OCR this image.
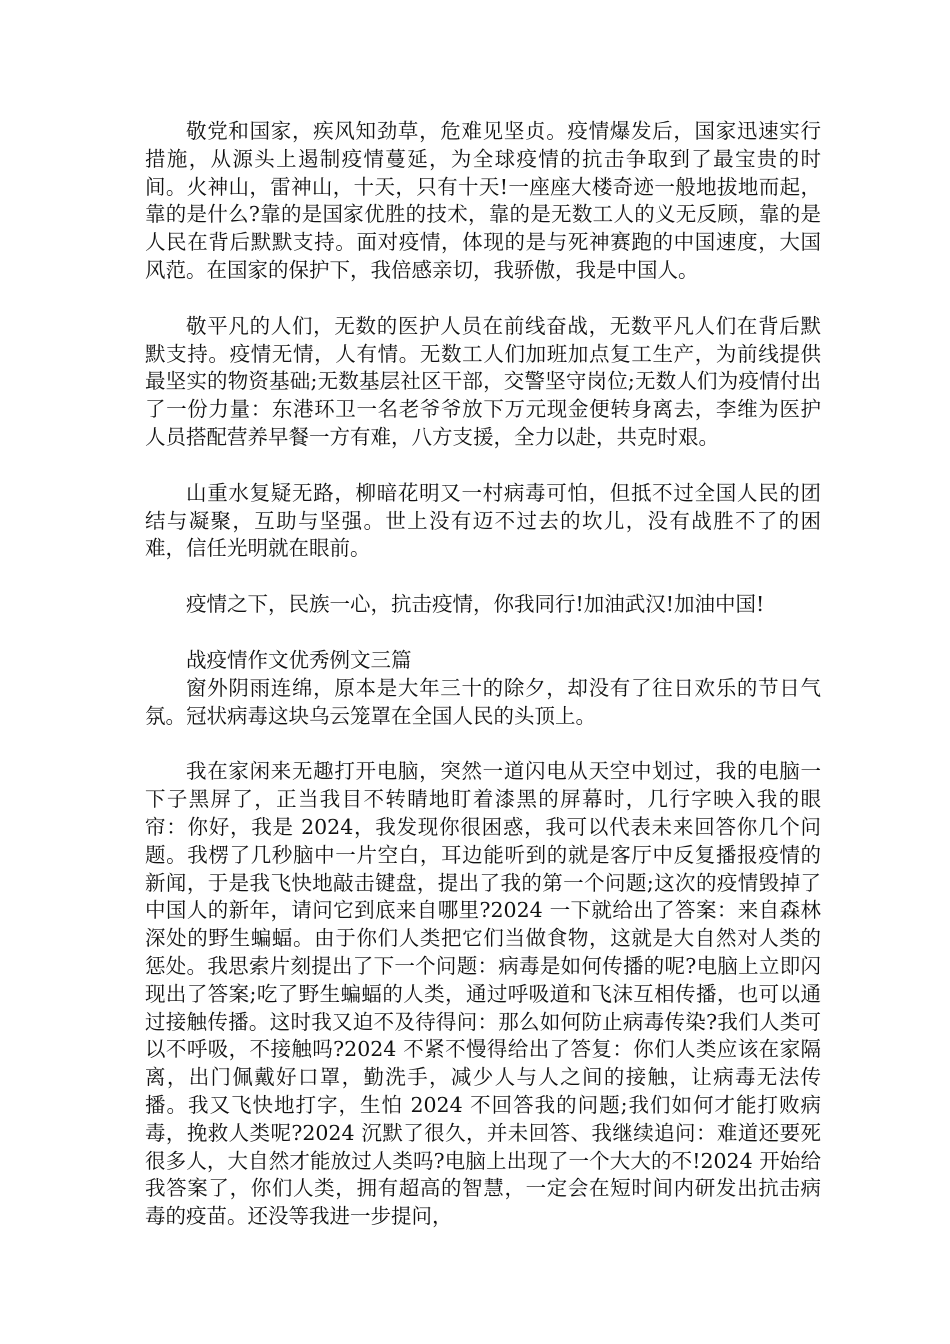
敬党和国家，疾风知劲草，危难见坚贞。疫情爆发后，国家迅速实行措施，从源头上遏制疫情蔓延，为全球疫情的抗击争取到了最宝贵的时间。火神山，雷神山，十天，只有十天!一座座大楼奇迹一般地拔地而起，靠的是什么?靠的是国家优胜的技术，靠的是无数工人的义无反顾，靠的是人民在背后默默支持。面对疫情，体现的是与死神赛跑的中国速度，大国风范。在国家的保护下，我倍感亲切，我骄傲，我是中国人。

敬平凡的人们，无数的医护人员在前线奋战，无数平凡人们在背后默默支持。疫情无情，人有情。无数工人们加班加点复工生产，为前线提供最坚实的物资基础;无数基层社区干部，交警坚守岗位;无数人们为疫情付出了一份力量：东港环卫一名老爷爷放下万元现金便转身离去，李维为医护人员搭配营养早餐一方有难，八方支援，全力以赴，共克时艰。

山重水复疑无路，柳暗花明又一村病毒可怕，但抵不过全国人民的团结与凝聚，互助与坚强。世上没有迈不过去的坎儿，没有战胜不了的困难，信任光明就在眼前。

疫情之下，民族一心，抗击疫情，你我同行!加油武汉!加油中国!

战疫情作文优秀例文三篇

窗外阴雨连绵，原本是大年三十的除夕，却没有了往日欢乐的节日气氛。冠状病毒这块乌云笼罩在全国人民的头顶上。

我在家闲来无趣打开电脑，突然一道闪电从天空中划过，我的电脑一下子黑屏了，正当我目不转睛地盯着漆黑的屏幕时，几行字映入我的眼帘：你好，我是 2024，我发现你很困惑，我可以代表未来回答你几个问题。我楞了几秒脑中一片空白，耳边能听到的就是客厅中反复播报疫情的新闻，于是我飞快地敲击键盘，提出了我的第一个问题;这次的疫情毁掉了中国人的新年，请问它到底来自哪里?2024 一下就给出了答案：来自森林深处的野生蝙蝠。由于你们人类把它们当做食物，这就是大自然对人类的惩处。我思索片刻提出了下一个问题：病毒是如何传播的呢?电脑上立即闪现出了答案;吃了野生蝙蝠的人类，通过呼吸道和飞沫互相传播，也可以通过接触传播。这时我又迫不及待得问：那么如何防止病毒传染?我们人类可以不呼吸，不接触吗?2024 不紧不慢得给出了答复：你们人类应该在家隔离，出门佩戴好口罩，勤洗手，减少人与人之间的接触，让病毒无法传播。我又飞快地打字，生怕 2024 不回答我的问题;我们如何才能打败病毒，挽救人类呢?2024 沉默了很久，并未回答、我继续追问：难道还要死很多人，大自然才能放过人类吗?电脑上出现了一个大大的不!2024 开始给我答案了，你们人类，拥有超高的智慧，一定会在短时间内研发出抗击病毒的疫苗。还没等我进一步提问，
